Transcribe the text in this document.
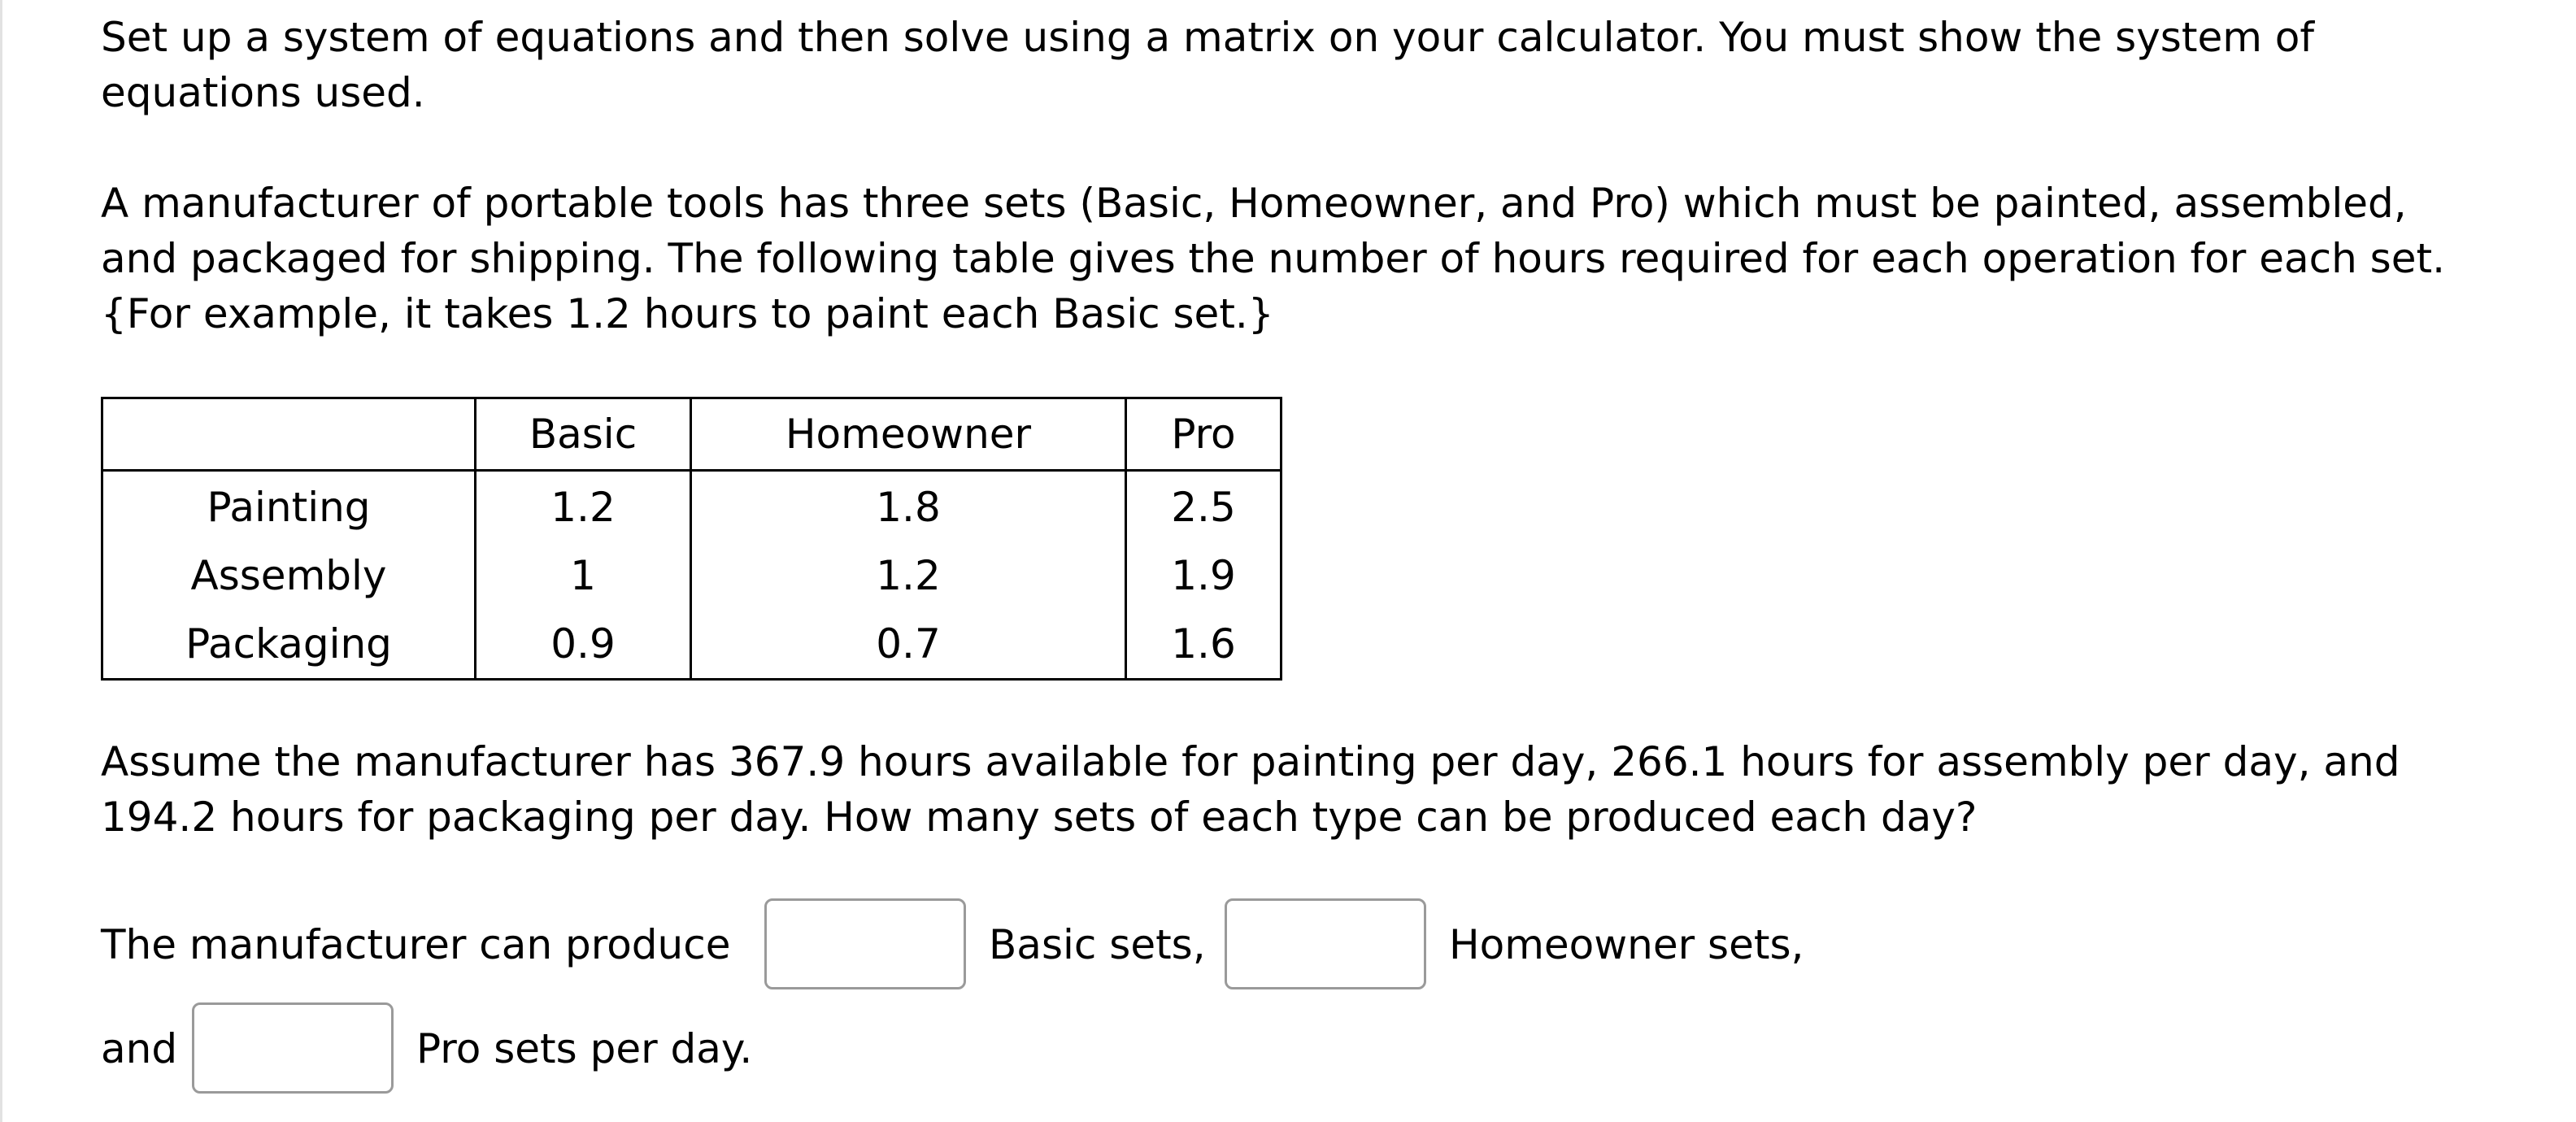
Set up a system of equations and then solve using a matrix on your calculator. You must show the system of equations used.

A manufacturer of portable tools has three sets (Basic, Homeowner, and Pro) which must be painted, assembled, and packaged for shipping. The following table gives the number of hours required for each operation for each set. {For example, it takes 1.2 hours to paint each Basic set.}

	Basic	Homeowner	Pro
Painting	1.2	1.8	2.5
Assembly	1	1.2	1.9
Packaging	0.9	0.7	1.6

Assume the manufacturer has 367.9 hours available for painting per day, 266.1 hours for assembly per day, and 194.2 hours for packaging per day. How many sets of each type can be produced each day?

The manufacturer can produce	Basic sets,	Homeowner sets,
and	Pro sets per day.
